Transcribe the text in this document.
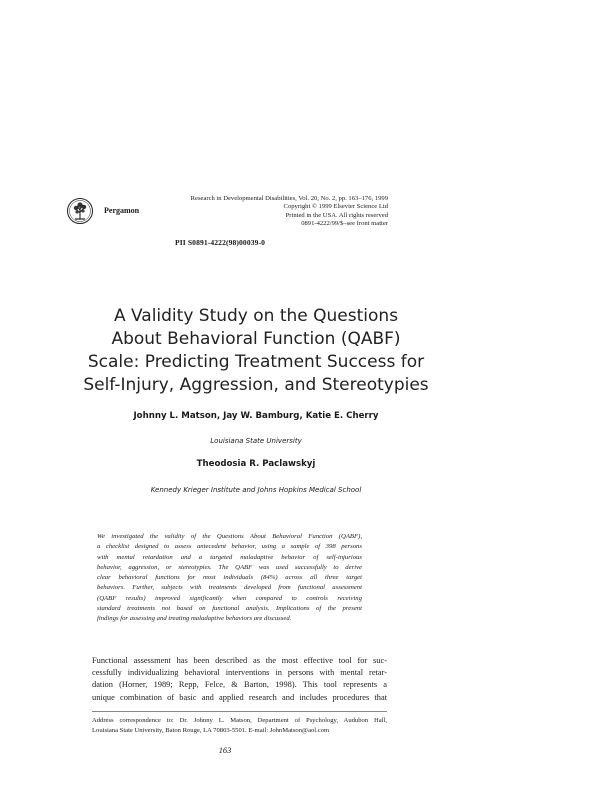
Pergamon
Research in Developmental Disabilities, Vol. 20, No. 2, pp. 163–176, 1999
Copyright © 1999 Elsevier Science Ltd
Printed in the USA. All rights reserved
0891-4222/99/$–see front matter
PII S0891-4222(98)00039-0
A Validity Study on the Questions
About Behavioral Function (QABF)
Scale: Predicting Treatment Success for
Self-Injury, Aggression, and Stereotypies
Johnny L. Matson, Jay W. Bamburg, Katie E. Cherry
Louisiana State University
Theodosia R. Paclawskyj
Kennedy Krieger Institute and Johns Hopkins Medical School
We investigated the validity of the Questions About Behavioral Function (QABF),
a checklist designed to assess antecedent behavior, using a sample of 398 persons
with mental retardation and a targeted maladaptive behavior of self-injurious
behavior, aggression, or stereotypies. The QABF was used successfully to derive
clear behavioral functions for most individuals (84%) across all three target
behaviors. Further, subjects with treatments developed from functional assessment
(QABF results) improved significantly when compared to controls receiving
standard treatments not based on functional analysis. Implications of the present
findings for assessing and treating maladaptive behaviors are discussed.
Functional assessment has been described as the most effective tool for suc-
cessfully individualizing behavioral interventions in persons with mental retar-
dation (Horner, 1989; Repp, Felce, & Barton, 1998). This tool represents a
unique combination of basic and applied research and includes procedures that
Address correspondence to: Dr. Johnny L. Matson, Department of Psychology, Audubon Hall,
Louisiana State University, Baton Rouge, LA 70803-5501. E-mail: JohnMatson@aol.com
163
